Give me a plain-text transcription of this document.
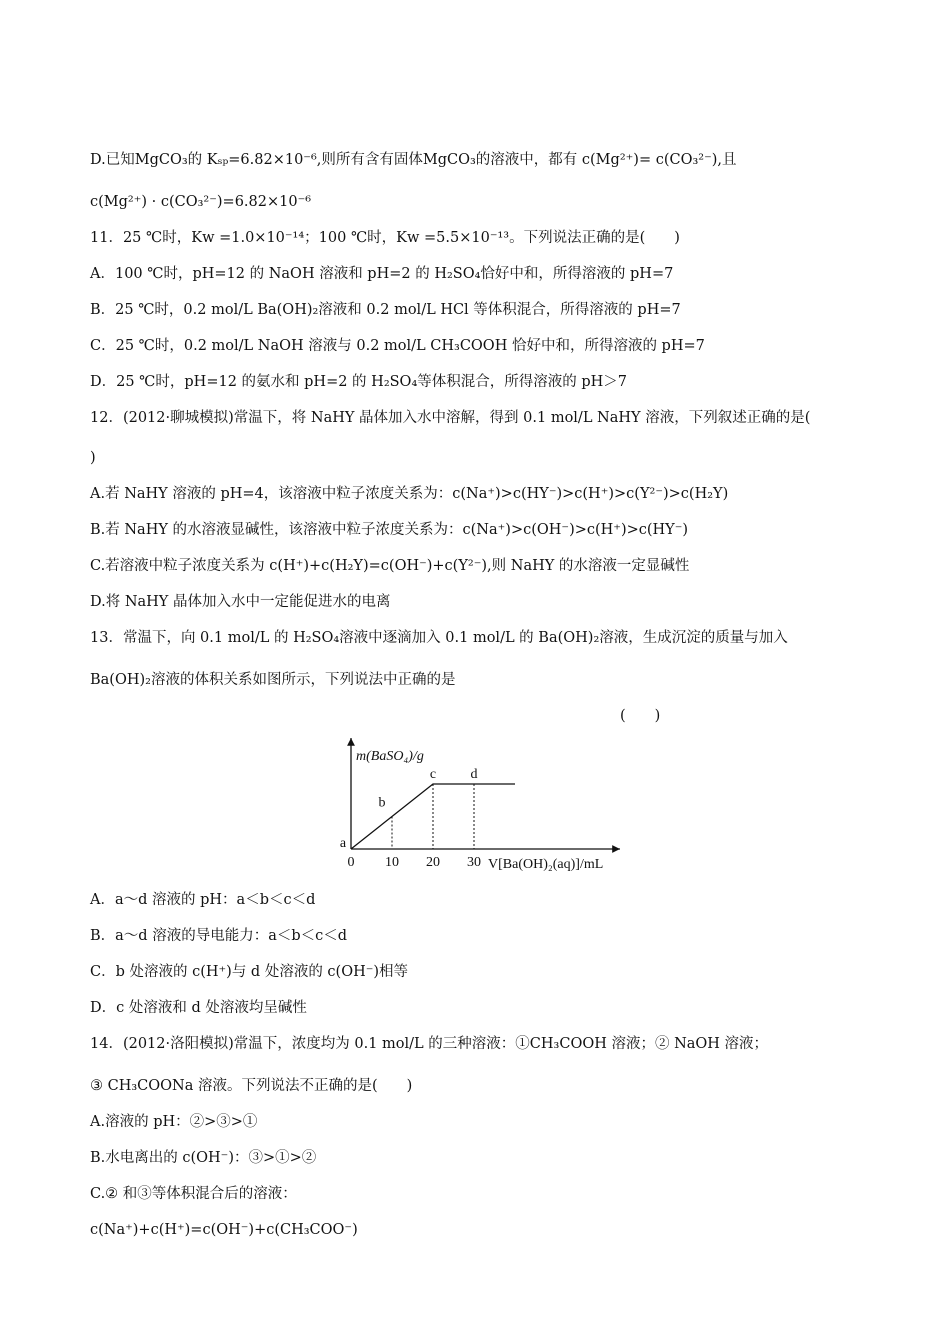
D.已知MgCO₃的 Kₛₚ=6.82×10⁻⁶,则所有含有固体MgCO₃的溶液中，都有 c(Mg²⁺)= c(CO₃²⁻),且
c(Mg²⁺) · c(CO₃²⁻)=6.82×10⁻⁶
11．25 ℃时，Kw =1.0×10⁻¹⁴；100 ℃时，Kw =5.5×10⁻¹³。下列说法正确的是(　　)
A．100 ℃时，pH=12 的 NaOH 溶液和 pH=2 的 H₂SO₄恰好中和，所得溶液的 pH=7
B．25 ℃时，0.2 mol/L Ba(OH)₂溶液和 0.2 mol/L HCl 等体积混合，所得溶液的 pH=7
C．25 ℃时，0.2 mol/L NaOH 溶液与 0.2 mol/L CH₃COOH 恰好中和，所得溶液的 pH=7
D．25 ℃时，pH=12 的氨水和 pH=2 的 H₂SO₄等体积混合，所得溶液的 pH＞7
12．(2012·聊城模拟)常温下，将 NaHY 晶体加入水中溶解，得到 0.1 mol/L NaHY 溶液，下列叙述正确的是(
)
A.若 NaHY 溶液的 pH=4，该溶液中粒子浓度关系为：c(Na⁺)>c(HY⁻)>c(H⁺)>c(Y²⁻)>c(H₂Y)
B.若 NaHY 的水溶液显碱性，该溶液中粒子浓度关系为：c(Na⁺)>c(OH⁻)>c(H⁺)>c(HY⁻)
C.若溶液中粒子浓度关系为 c(H⁺)+c(H₂Y)=c(OH⁻)+c(Y²⁻),则 NaHY 的水溶液一定显碱性
D.将 NaHY 晶体加入水中一定能促进水的电离
13．常温下，向 0.1 mol/L 的 H₂SO₄溶液中逐滴加入 0.1 mol/L 的 Ba(OH)₂溶液，生成沉淀的质量与加入
Ba(OH)₂溶液的体积关系如图所示，下列说法中正确的是
(　　)
m(BaSO₄)/g
V[Ba(OH)₂(aq)]/mL
0 10 20 30
a
b
c d
A．a～d 溶液的 pH：a＜b＜c＜d
B．a～d 溶液的导电能力：a＜b＜c＜d
C．b 处溶液的 c(H⁺)与 d 处溶液的 c(OH⁻)相等
D．c 处溶液和 d 处溶液均呈碱性
14．(2012·洛阳模拟)常温下，浓度均为 0.1 mol/L 的三种溶液：①CH₃COOH 溶液；② NaOH 溶液；
③ CH₃COONa 溶液。下列说法不正确的是(　　)
A.溶液的 pH：②>③>①
B.水电离出的 c(OH⁻)：③>①>②
C.② 和③等体积混合后的溶液：
c(Na⁺)+c(H⁺)=c(OH⁻)+c(CH₃COO⁻)
